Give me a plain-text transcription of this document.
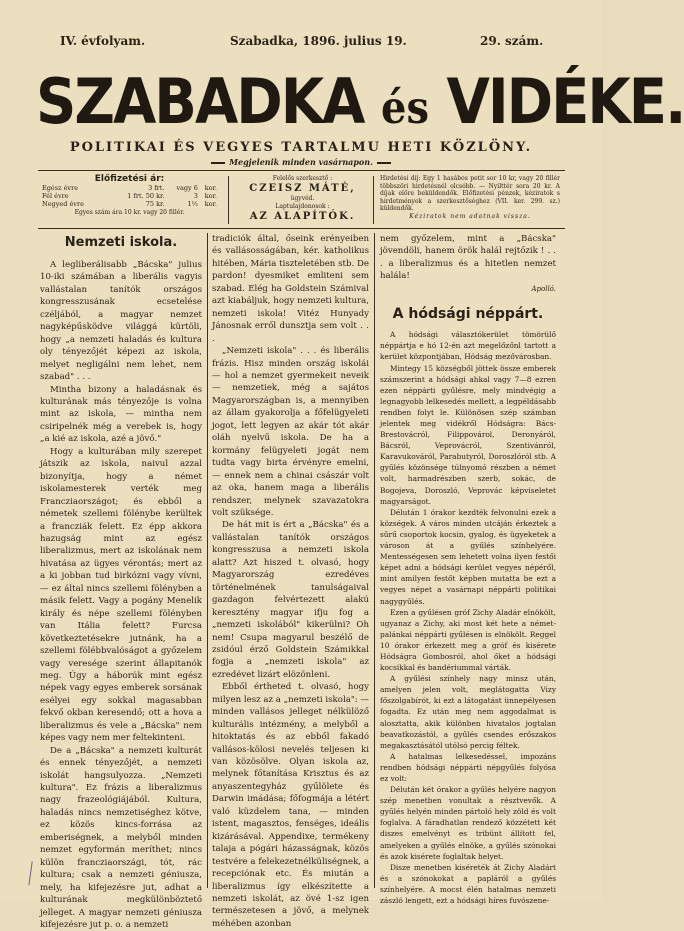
IV. évfolyam.	Szabadka, 1896. julius 19.	29. szám.
SZABADKA és VIDÉKE.
POLITIKAI ÉS VEGYES TARTALMU HETI KÖZLÖNY.
Megjelenik minden vasárnapon.
Előfizetési ár:
Egész évre	3 frt.	vagy 6	kor.
Fél évre	1 frt. 50 kr.	3	kor.
Negyed évre	75 kr.	1½	kor.
Egyes szám ára 10 kr. vagy 20 fillér.
Felelős szerkesztő :
CZEISZ MÁTÉ,
ügyvéd.
Laptulajdonosok :
AZ ALAPÍTÓK.
Hirdetési díj: Egy 1 hasábos petit sor 10 kr, vagy 20 fillér többszöri hirdetésnél olcsóbb. — Nyilttér sora 20 kr. A díjak előre beküldendők. Előfizetési pénzek, kéziratok s hirdetmények a szerkesztőséghez (VII. ker. 299. sz.) küldendők.
Kéziratok nem adatnak vissza.
Nemzeti iskola.

A legliberálisabb „Bácska" julius 10-iki számában a liberális vagyis vallástalan tanítók országos kongresszusának ecsetelése czéljából, a magyar nemzet nagyképűsködve világgá kürtöli, hogy „a nemzeti haladás és kultura oly tényezőjét képezi az iskola, melyet negligálni nem lehet, nem szabad" . . .

Mintha bizony a haladásnak és kulturának más tényezője is volna mint az iskola, — mintha nem csiripelnék még a verebek is, hogy „a kié az iskola, azé a jövő."

Hogy a kulturában mily szerepet játszik az iskola, naivul azzal bizonyítja, hogy a német iskolamesterek verték meg Francziaországot; és ebből a németek szellemi fölénybe kerültek a francziák felett. Ez épp akkora hazugság mint az egész liberalizmus, mert az iskolának nem hivatása az ügyes vérontás; mert az a ki jobban tud birkózni vagy vívni, — ez által nincs szellemi fölényben a másik felett. Vagy a pogány Menelik király és népe szellemi fölényben van Itália felett? Furcsa következtetésekre jutnánk, ha a szellemi fölébbvalóságot a győzelem vagy veresége szerint állapitanók meg. Úgy a háborúk mint egész népek vagy egyes emberek sorsának esélyei egy sokkal magasabban fekvő okban keresendő; ott a hova a liberalizmus és vele a „Bácska" nem képes vagy nem mer feltekinteni.

De a „Bácska" a nemzeti kulturát és ennek tényezőjét, a nemzeti iskolát hangsulyozza. „Nemzeti kultura". Ez frázis a liberalizmus nagy frazeológiájából. Kultura, haladás nincs nemzetiséghez kötve, ez közös kincs-forrása az emberiségnek, a melyből minden nemzet egyformán meríthet; nincs külön francziaországi, tót, rác kultura; csak a nemzeti géniusza, mely, ha kifejezésre jut, adhat a kulturának megkülönböztető jelleget. A magyar nemzeti géniusza kifejezésre jut p. o. a nemzeti

tradiciók által, őseink erényeiben és vallásosságában, kér. katholikus hitében, Mária tiszteletében stb. De pardon! dyesmiket emliteni sem szabad. Elég ha Goldstein Számival azt kiabáljuk, hogy nemzeti kultura, nemzeti iskola! Vitéz Hunyady Jánosnak erről dunsztja sem volt . . .

„Nemzeti iskola" . . . és liberális frázis. Hisz minden ország iskolái — hol a nemzet gyermekeit neveik — nemzetiek, még a sajátos Magyarországban is, a mennyiben az állam gyakorolja a főfelügyeleti jogot, lett legyen az akár tót akár oláh nyelvű iskola. De ha a kormány felügyeleti jogát nem tudta vagy birta érvényre emelni, — ennek nem a chinai császár volt az oka, hanem maga a liberális rendszer, melynek szavazatokra volt szüksége.

De hát mit is ért a „Bácska" és a vallástalan tanítók országos kongresszusa a nemzeti iskola alatt? Azt hiszed t. olvasó, hogy Magyarország ezredéves történelmének tanulságaival gazdagon felvértezett alakú keresztény magyar ifju fog a „nemzeti iskolából" kikerülni? Oh nem! Csupa magyarul beszélő de zsidóul érző Goldstein Számikkal fogja a „nemzeti iskola" az ezredévet lizárt elözönleni.

Ebből értheted t. olvasó, hogy milyen lesz az a „nemzeti iskola": — minden vallásos jelleget nélkülöző kulturális intézmény, a melyből a hitoktatás és az ebből fakadó vallásos-kölosi nevelés teljesen ki van közösölve. Olyan iskola az, melynek főtanítása Krisztus és az anyaszentegyház gyűlölete és Darwin imádása; főfogmája a létért való küzdelem tana, — minden istent, magasztos, fenséges, ideális kizárásával. Appendixe, termékeny talaja a pógári házasságnak, közös testvére a felekezetnélküliségnek, a recepciónak etc. És miután a liberalizmus így elkészítette a nemzeti iskolát, az övé 1-sz igen természetesen a jövő, a melynek méhében azonban

nem győzelem, mint a „Bácska" jövendöli, hanem örök halál rejtőzik ! . . . a liberalizmus és a hitetlen nemzet halála!

Apolló.

A hódsági néppárt.

A hódsági választókerület tömörülő néppártja e hó 12-én azt megelőzőnl tartott a kerület központjában, Hódság mezővárosban.

Mintegy 15 községből jöttek össze emberek számszerint a hódsági ahkal vagy 7—8 ezren ezen néppárti gyűlésre, mely mindvégig a legnagyobb lelkesedés mellett, a legpéldásabb rendben folyt le. Különösen szép számban jelentek meg vidékről Hódságra: Bács-Brestovácról, Filippovárol, Deronyáról, Bácsról, Veprovácról, Szentivánról, Karavukováról, Parabutyról, Doroszlóról stb. A gyűlés közönsége túlnyomó részben a német volt, harmadrészben szerb, sokác, de Bogojeva, Doroszló, Veprovác képviseletet magyarságot.

Délután 1 órakor kezdték felvonulni ezek a községek. A város minden utcáján érkeztek a sűrű csoportok kocsin, gyalog, és ügyeketek a városon át a gyűlés színhelyére. Mentességesen sem lehetett volna ilyen festői képet adni a hódsági kerület vegyes népéről, mint amilyen festőt képben mutatta be ezt a vegyes népet a vasárnapi néppárti politikai nagygyűlés.

Ezen a gyűlésen gróf Zichy Aladár elnökölt, ugyanaz a Zichy, aki most két hete a német-palánkai néppárti gyűlésen is elnökölt. Reggel 10 órakor érkezett meg a gróf és kisérete Hódságra Gombosról, ahol őket a hódsági kocsikkal és bandériummal várták.

A gyűlési színhely nagy minsz után, amelyen jelen volt, meglátogatta Vizy főszolgabírót, ki ezt a látogatást ünnepélyesen fogadta. Ez után meg nem aggodalmat is alosztatta, akik különben hivatalos jogtalan beavatkozástól, a gyűlés csendes erőszakos megakasztásától utólsó percig féltek.

A hatalmas lelkesedéssel, impozáns rendben hódsági néppárti népgyűlés folyósa ez volt:

Délután két órakor a gyűlés helyére nagyon szép menetben vonultak a résztvevők. A gyűlés helyén minden pártoló hely zöld és volt foglalva. A fáradhatlan rendező közzétett két diszes emelvényt es tribünt állított fel, amelyeken a gyűlés elnöke, a gyűlés szónokai és azok kisérete foglaltak helyet.

Disze menetben kiséreték át Zichy Aladárt és a szónokokat a papláról a gyűlés színhelyére. A mocst élén hatalmas nemzeti zászló lengett, ezt a hódsági híres fuvószene-
